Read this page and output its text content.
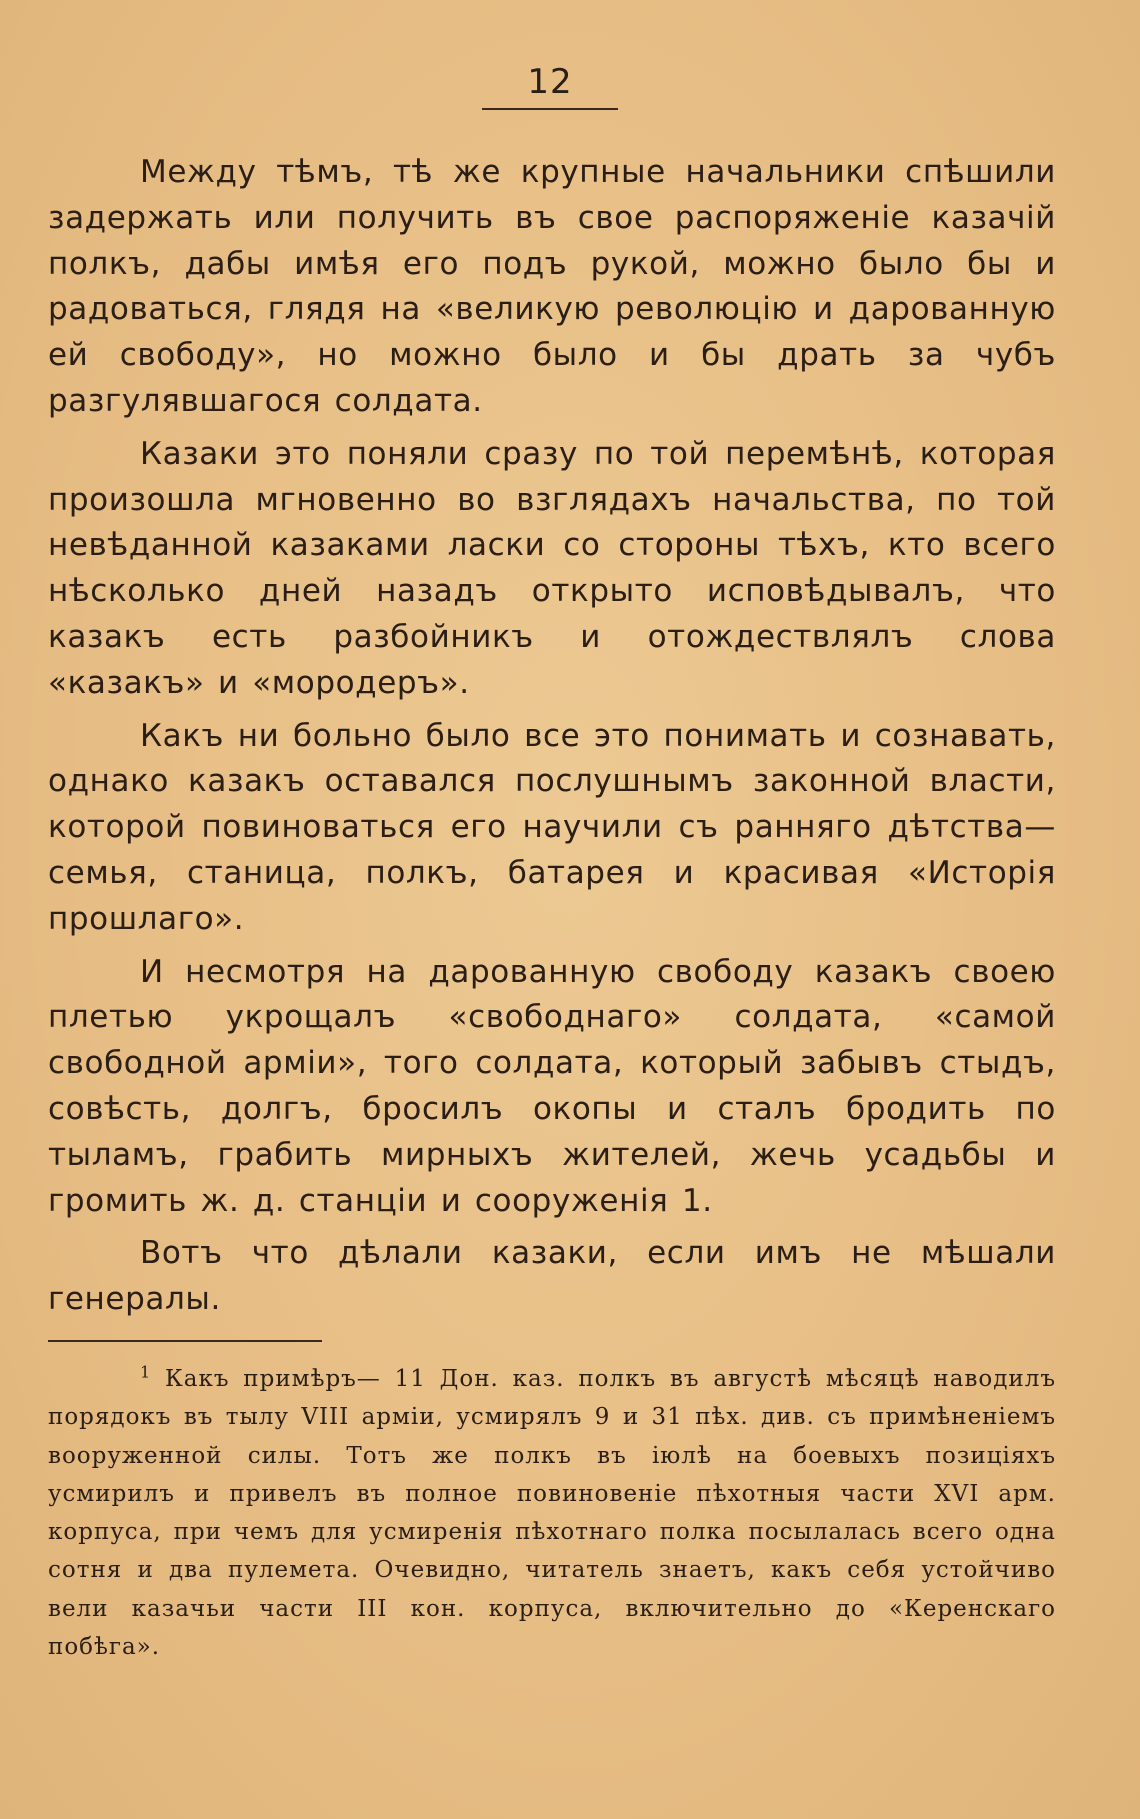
12

Между тѣмъ, тѣ же крупные начальники спѣшили задержать или получить въ свое распоряженіе казачій полкъ, дабы имѣя его подъ рукой, можно было бы и радоваться, глядя на «великую революцію и дарованную ей свободу», но можно было и бы драть за чубъ разгулявшагося солдата.

Казаки это поняли сразу по той перемѣнѣ, которая произошла мгновенно во взглядахъ начальства, по той невѣданной казаками ласки со стороны тѣхъ, кто всего нѣсколько дней назадъ открыто исповѣдывалъ, что казакъ есть разбойникъ и отождествлялъ слова «казакъ» и «мородеръ».

Какъ ни больно было все это понимать и сознавать, однако казакъ оставался послушнымъ законной власти, которой повиноваться его научили съ ранняго дѣтства—семья, станица, полкъ, батарея и красивая «Исторія прошлаго».

И несмотря на дарованную свободу казакъ своею плетью укрощалъ «свободнаго» солдата, «самой свободной арміи», того солдата, который забывъ стыдъ, совѣсть, долгъ, бросилъ окопы и сталъ бродить по тыламъ, грабить мирныхъ жителей, жечь усадьбы и громить ж. д. станціи и сооруженія 1.

Вотъ что дѣлали казаки, если имъ не мѣшали генералы.

$^1$ Какъ примѣръ— 11 Дон. каз. полкъ въ августѣ мѣсяцѣ наводилъ порядокъ въ тылу VIII арміи, усмирялъ 9 и 31 пѣх. див. съ примѣненіемъ вооруженной силы. Тотъ же полкъ въ іюлѣ на боевыхъ позиціяхъ усмирилъ и привелъ въ полное повиновеніе пѣхотныя части XVI арм. корпуса, при чемъ для усмиренія пѣхотнаго полка посылалась всего одна сотня и два пулемета. Очевидно, читатель знаетъ, какъ себя устойчиво вели казачьи части III кон. корпуса, включительно до «Керенскаго побѣга».
